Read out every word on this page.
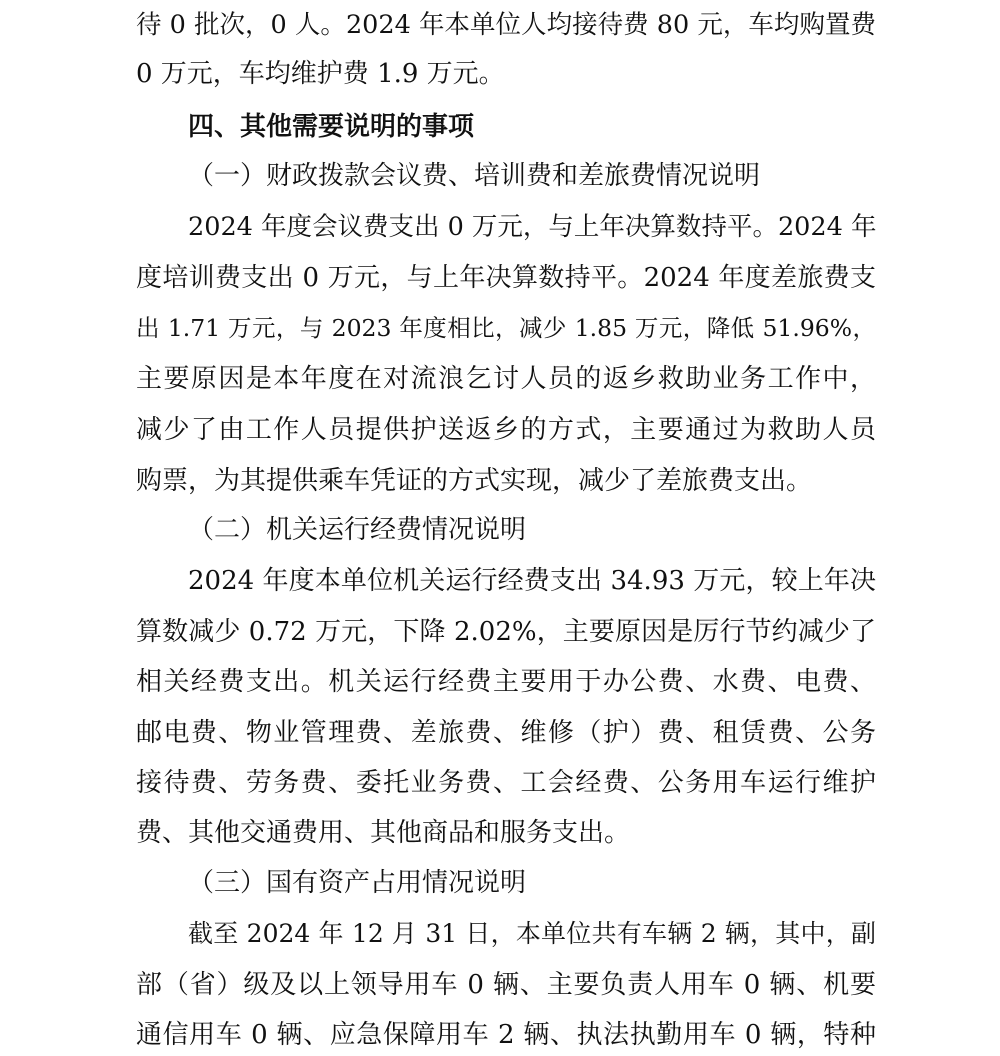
待 0 批次，0 人。2024 年本单位人均接待费 80 元，车均购置费
0 万元，车均维护费 1.9 万元。
四、其他需要说明的事项
（一）财政拨款会议费、培训费和差旅费情况说明
2024 年度会议费支出 0 万元，与上年决算数持平。2024 年
度培训费支出 0 万元，与上年决算数持平。2024 年度差旅费支
出 1.71 万元，与 2023 年度相比，减少 1.85 万元，降低 51.96%，
主要原因是本年度在对流浪乞讨人员的返乡救助业务工作中，
减少了由工作人员提供护送返乡的方式，主要通过为救助人员
购票，为其提供乘车凭证的方式实现，减少了差旅费支出。
（二）机关运行经费情况说明
2024 年度本单位机关运行经费支出 34.93 万元，较上年决
算数减少 0.72 万元，下降 2.02%，主要原因是厉行节约减少了
相关经费支出。机关运行经费主要用于办公费、水费、电费、
邮电费、物业管理费、差旅费、维修（护）费、租赁费、公务
接待费、劳务费、委托业务费、工会经费、公务用车运行维护
费、其他交通费用、其他商品和服务支出。
（三）国有资产占用情况说明
截至 2024 年 12 月 31 日，本单位共有车辆 2 辆，其中，副
部（省）级及以上领导用车 0 辆、主要负责人用车 0 辆、机要
通信用车 0 辆、应急保障用车 2 辆、执法执勤用车 0 辆，特种
